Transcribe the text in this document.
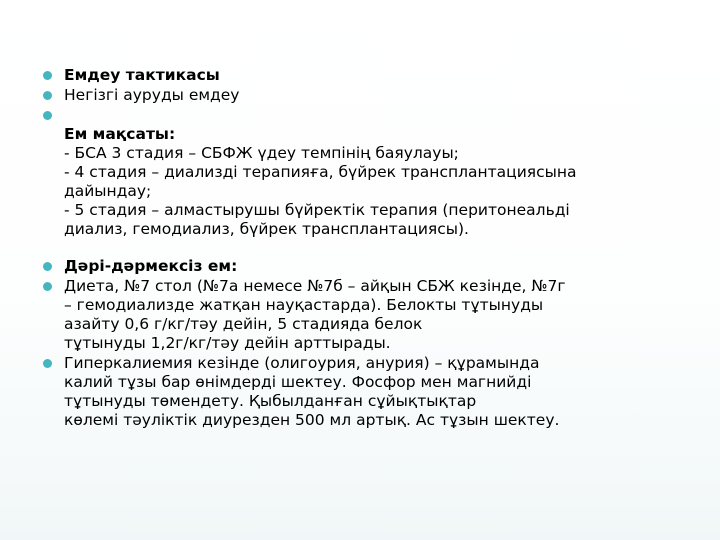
Емдеу тактикасы
Негізгі ауруды емдеу
Ем мақсаты:
- БСА 3 стадия – СБФЖ үдеу темпінің баяулауы;
- 4 стадия – диализді терапияға, бүйрек трансплантациясына
дайындау;
- 5 стадия – алмастырушы бүйректік терапия (перитонеальді
диализ, гемодиализ, бүйрек трансплантациясы).
Дәрі-дәрмексіз ем:
Диета, №7 стол (№7а немесе №7б – айқын СБЖ кезінде, №7г
– гемодиализде жатқан науқастарда). Белокты тұтынуды
азайту 0,6 г/кг/тәу дейін, 5 стадияда белок
тұтынуды 1,2г/кг/тәу дейін арттырады.
Гиперкалиемия кезінде (олигоурия, анурия) – құрамында
калий тұзы бар өнімдерді шектеу. Фосфор мен магнийді
тұтынуды төмендету. Қыбылданған сұйықтықтар
көлемі тәуліктік диурезден 500 мл артық. Ас тұзын шектеу.
